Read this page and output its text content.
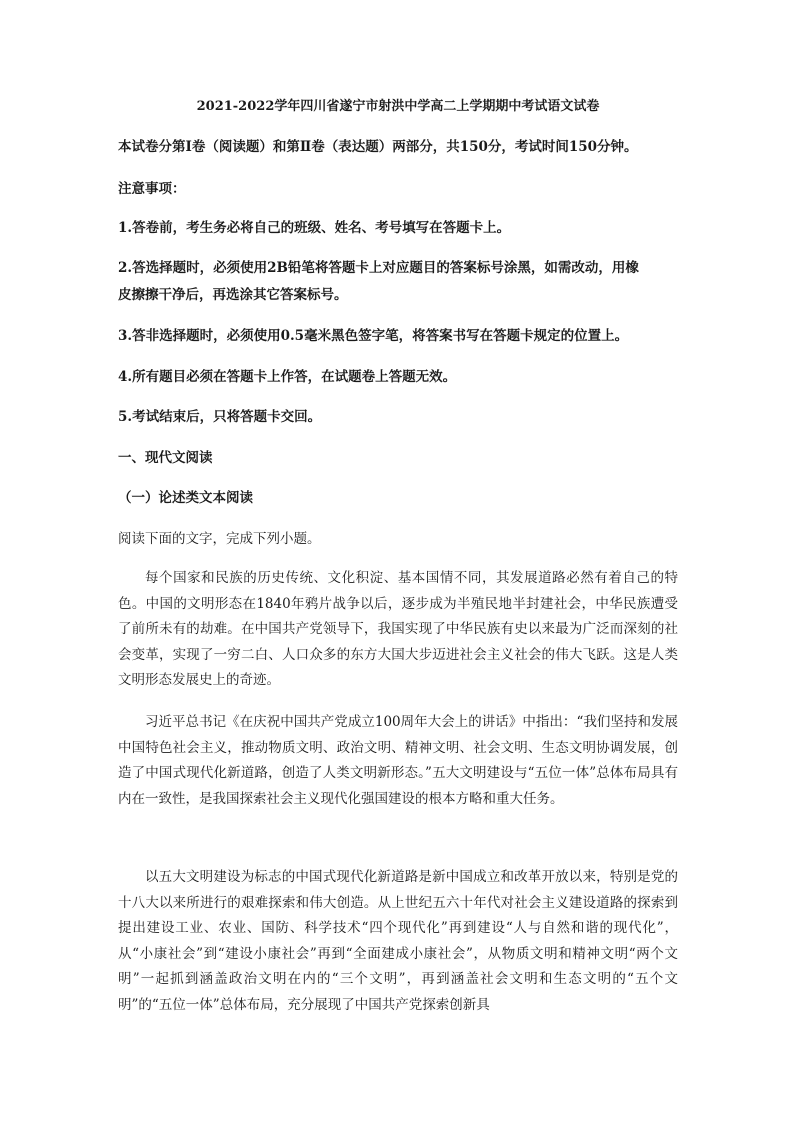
2021-2022学年四川省遂宁市射洪中学高二上学期期中考试语文试卷
本试卷分第Ⅰ卷（阅读题）和第Ⅱ卷（表达题）两部分，共150分，考试时间150分钟。
注意事项：
1.答卷前，考生务必将自己的班级、姓名、考号填写在答题卡上。
2.答选择题时，必须使用2B铅笔将答题卡上对应题目的答案标号涂黑，如需改动，用橡
皮擦擦干净后，再选涂其它答案标号。
3.答非选择题时，必须使用0.5毫米黑色签字笔，将答案书写在答题卡规定的位置上。
4.所有题目必须在答题卡上作答，在试题卷上答题无效。
5.考试结束后，只将答题卡交回。
一、现代文阅读
（一）论述类文本阅读
阅读下面的文字，完成下列小题。
每个国家和民族的历史传统、文化积淀、基本国情不同，其发展道路必然有着自己的特色。中国的文明形态在1840年鸦片战争以后，逐步成为半殖民地半封建社会，中华民族遭受了前所未有的劫难。在中国共产党领导下，我国实现了中华民族有史以来最为广泛而深刻的社会变革，实现了一穷二白、人口众多的东方大国大步迈进社会主义社会的伟大飞跃。这是人类文明形态发展史上的奇迹。
习近平总书记《在庆祝中国共产党成立100周年大会上的讲话》中指出：“我们坚持和发展中国特色社会主义，推动物质文明、政治文明、精神文明、社会文明、生态文明协调发展，创造了中国式现代化新道路，创造了人类文明新形态。”五大文明建设与“五位一体”总体布局具有内在一致性，是我国探索社会主义现代化强国建设的根本方略和重大任务。
以五大文明建设为标志的中国式现代化新道路是新中国成立和改革开放以来，特别是党的十八大以来所进行的艰难探索和伟大创造。从上世纪五六十年代对社会主义建设道路的探索到提出建设工业、农业、国防、科学技术“四个现代化”再到建设“人与自然和谐的现代化”，从“小康社会”到“建设小康社会”再到“全面建成小康社会”，从物质文明和精神文明“两个文明”一起抓到涵盖政治文明在内的“三个文明”，再到涵盖社会文明和生态文明的“五个文明”的“五位一体”总体布局，充分展现了中国共产党探索创新具
